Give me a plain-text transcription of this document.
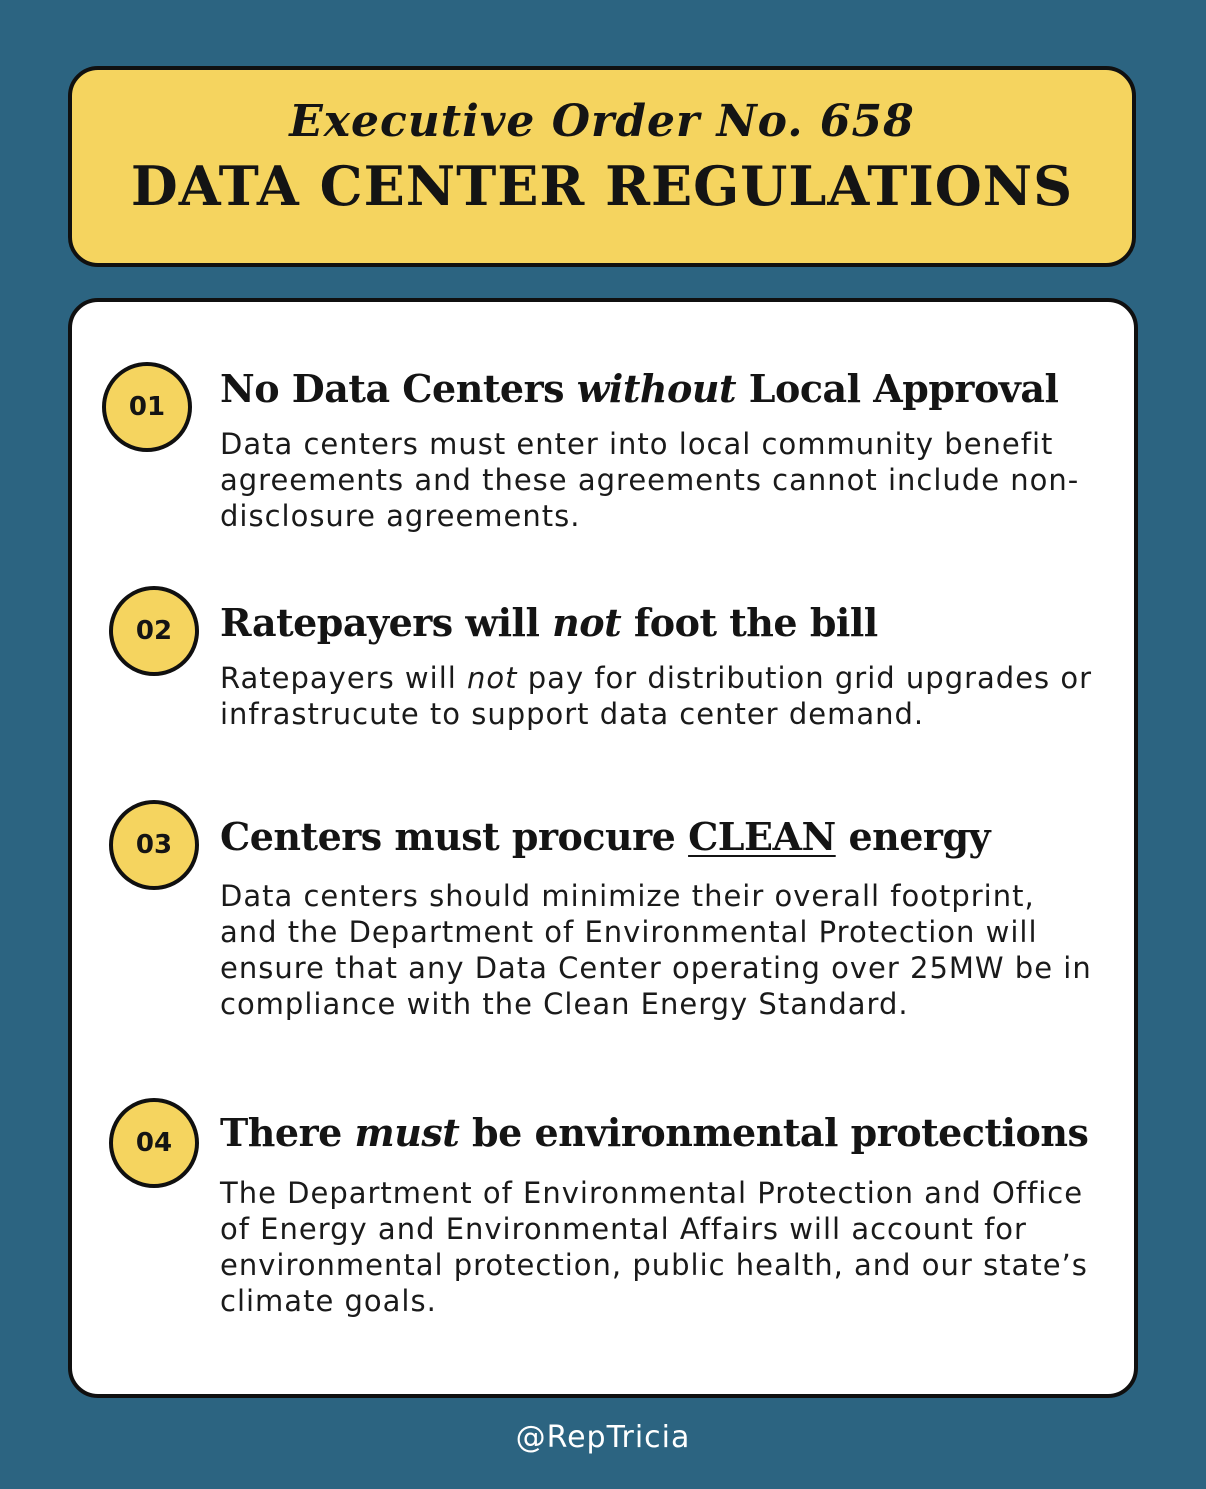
Executive Order No. 658
DATA CENTER REGULATIONS
01	No Data Centers without Local Approval
Data centers must enter into local community benefit agreements and these agreements cannot include non-disclosure agreements.
02	Ratepayers will not foot the bill
Ratepayers will not pay for distribution grid upgrades or infrastrucute to support data center demand.
03	Centers must procure CLEAN energy
Data centers should minimize their overall footprint, and the Department of Environmental Protection will ensure that any Data Center operating over 25MW be in compliance with the Clean Energy Standard.
04	There must be environmental protections
The Department of Environmental Protection and Office of Energy and Environmental Affairs will account for environmental protection, public health, and our state’s climate goals.
@RepTricia
